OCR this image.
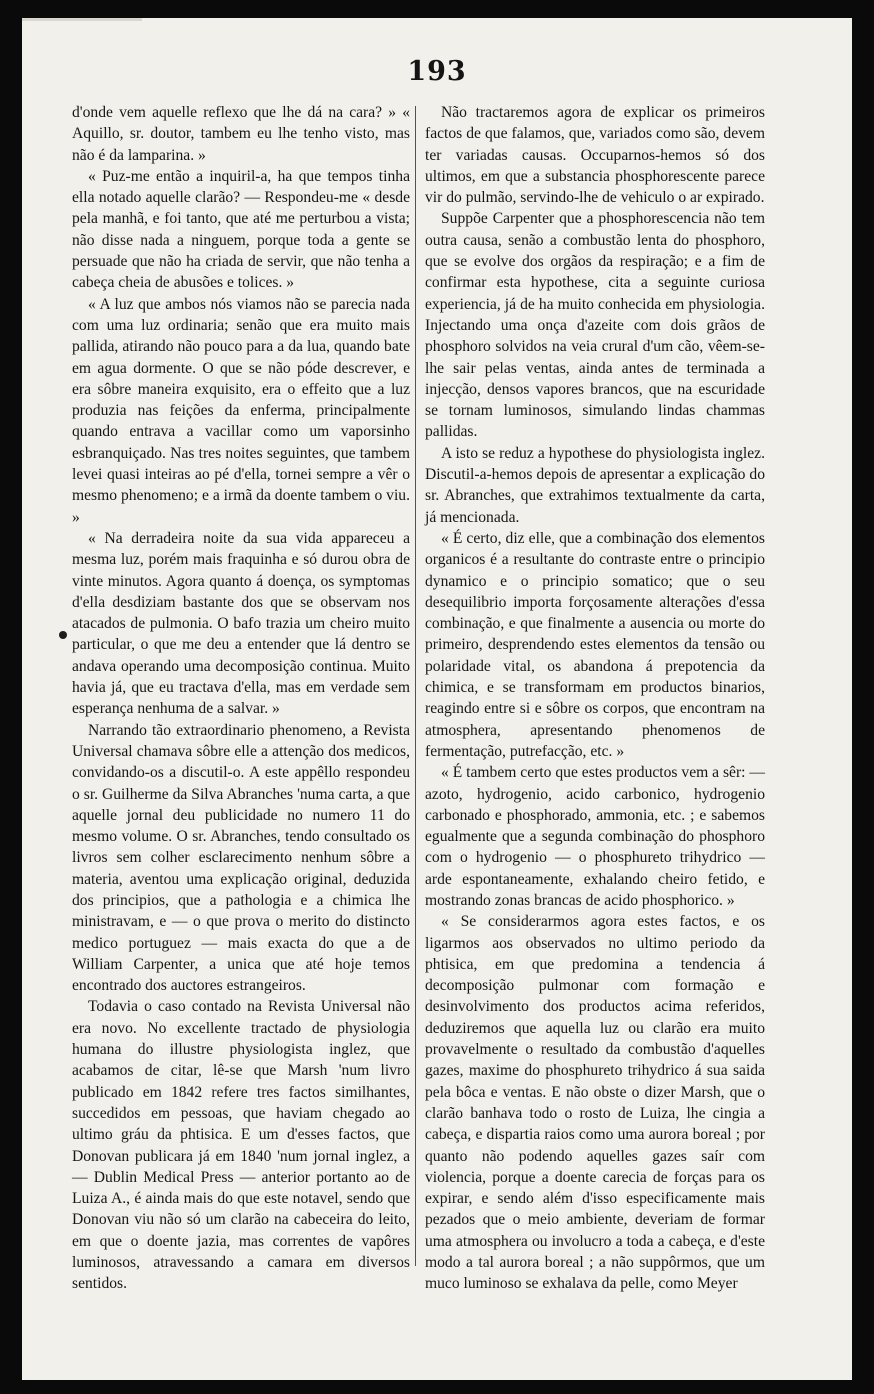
193

d'onde vem aquelle reflexo que lhe dá na cara? » « Aquillo, sr. doutor, tambem eu lhe tenho visto, mas não é da lamparina. »

« Puz-me então a inquiril-a, ha que tempos tinha ella notado aquelle clarão? — Respondeu-me « desde pela manhã, e foi tanto, que até me perturbou a vista; não disse nada a ninguem, porque toda a gente se persuade que não ha criada de servir, que não tenha a cabeça cheia de abusões e tolices. »

« A luz que ambos nós viamos não se parecia nada com uma luz ordinaria; senão que era muito mais pallida, atirando não pouco para a da lua, quando bate em agua dormente. O que se não póde descrever, e era sôbre maneira exquisito, era o effeito que a luz produzia nas feições da enferma, principalmente quando entrava a vacillar como um vaporsinho esbranquiçado. Nas tres noites seguintes, que tambem levei quasi inteiras ao pé d'ella, tornei sempre a vêr o mesmo phenomeno; e a irmã da doente tambem o viu. »

« Na derradeira noite da sua vida appareceu a mesma luz, porém mais fraquinha e só durou obra de vinte minutos. Agora quanto á doença, os symptomas d'ella desdiziam bastante dos que se observam nos atacados de pulmonia. O bafo trazia um cheiro muito particular, o que me deu a entender que lá dentro se andava operando uma decomposição continua. Muito havia já, que eu tractava d'ella, mas em verdade sem esperança nenhuma de a salvar. »

Narrando tão extraordinario phenomeno, a Revista Universal chamava sôbre elle a attenção dos medicos, convidando-os a discutil-o. A este appêllo respondeu o sr. Guilherme da Silva Abranches 'numa carta, a que aquelle jornal deu publicidade no numero 11 do mesmo volume. O sr. Abranches, tendo consultado os livros sem colher esclarecimento nenhum sôbre a materia, aventou uma explicação original, deduzida dos principios, que a pathologia e a chimica lhe ministravam, e — o que prova o merito do distincto medico portuguez — mais exacta do que a de William Carpenter, a unica que até hoje temos encontrado dos auctores estrangeiros.

Todavia o caso contado na Revista Universal não era novo. No excellente tractado de physiologia humana do illustre physiologista inglez, que acabamos de citar, lê-se que Marsh 'num livro publicado em 1842 refere tres factos similhantes, succedidos em pessoas, que haviam chegado ao ultimo gráu da phtisica. E um d'esses factos, que Donovan publicara já em 1840 'num jornal inglez, a — Dublin Medical Press — anterior portanto ao de Luiza A., é ainda mais do que este notavel, sendo que Donovan viu não só um clarão na cabeceira do leito, em que o doente jazia, mas correntes de vapôres luminosos, atravessando a camara em diversos sentidos.

Não tractaremos agora de explicar os primeiros factos de que falamos, que, variados como são, devem ter variadas causas. Occuparnos-hemos só dos ultimos, em que a substancia phosphorescente parece vir do pulmão, servindo-lhe de vehiculo o ar expirado.

Suppõe Carpenter que a phosphorescencia não tem outra causa, senão a combustão lenta do phosphoro, que se evolve dos orgãos da respiração; e a fim de confirmar esta hypothese, cita a seguinte curiosa experiencia, já de ha muito conhecida em physiologia. Injectando uma onça d'azeite com dois grãos de phosphoro solvidos na veia crural d'um cão, vêem-se-lhe sair pelas ventas, ainda antes de terminada a injecção, densos vapores brancos, que na escuridade se tornam luminosos, simulando lindas chammas pallidas.

A isto se reduz a hypothese do physiologista inglez. Discutil-a-hemos depois de apresentar a explicação do sr. Abranches, que extrahimos textualmente da carta, já mencionada.

« É certo, diz elle, que a combinação dos elementos organicos é a resultante do contraste entre o principio dynamico e o principio somatico; que o seu desequilibrio importa forçosamente alterações d'essa combinação, e que finalmente a ausencia ou morte do primeiro, desprendendo estes elementos da tensão ou polaridade vital, os abandona á prepotencia da chimica, e se transformam em productos binarios, reagindo entre si e sôbre os corpos, que encontram na atmosphera, apresentando phenomenos de fermentação, putrefacção, etc. »

« É tambem certo que estes productos vem a sêr: — azoto, hydrogenio, acido carbonico, hydrogenio carbonado e phosphorado, ammonia, etc. ; e sabemos egualmente que a segunda combinação do phosphoro com o hydrogenio — o phosphureto trihydrico — arde espontaneamente, exhalando cheiro fetido, e mostrando zonas brancas de acido phosphorico. »

« Se considerarmos agora estes factos, e os ligarmos aos observados no ultimo periodo da phtisica, em que predomina a tendencia á decomposição pulmonar com formação e desinvolvimento dos productos acima referidos, deduziremos que aquella luz ou clarão era muito provavelmente o resultado da combustão d'aquelles gazes, maxime do phosphureto trihydrico á sua saida pela bôca e ventas. E não obste o dizer Marsh, que o clarão banhava todo o rosto de Luiza, lhe cingia a cabeça, e dispartia raios como uma aurora boreal ; por quanto não podendo aquelles gazes saír com violencia, porque a doente carecia de forças para os expirar, e sendo além d'isso especificamente mais pezados que o meio ambiente, deveriam de formar uma atmosphera ou involucro a toda a cabeça, e d'este modo a tal aurora boreal ; a não suppôrmos, que um muco luminoso se exhalava da pelle, como Meyer
